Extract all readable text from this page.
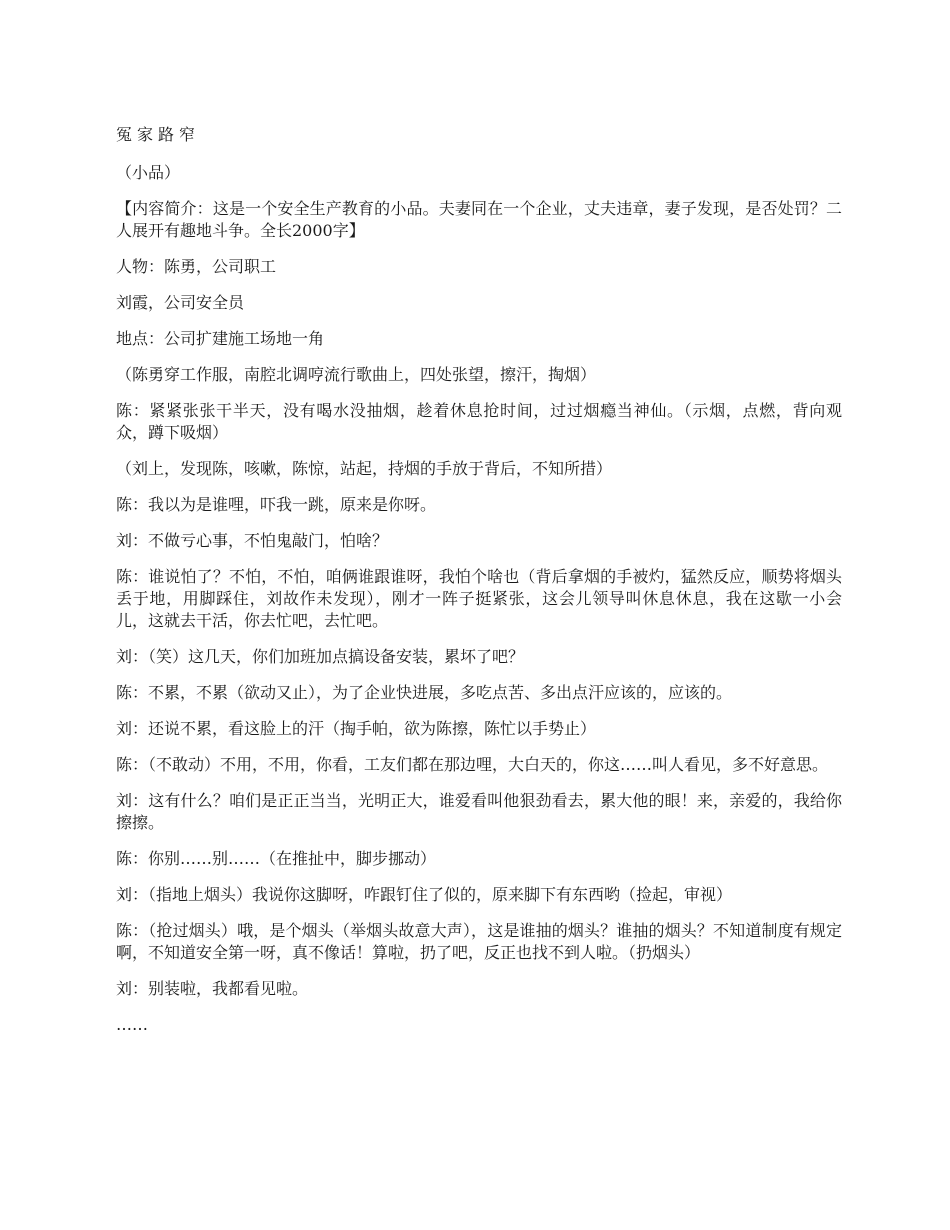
冤家路窄

（小品）

【内容简介：这是一个安全生产教育的小品。夫妻同在一个企业，丈夫违章，妻子发现，是否处罚？二人展开有趣地斗争。全长2000字】

人物：陈勇，公司职工

刘霞，公司安全员

地点：公司扩建施工场地一角

（陈勇穿工作服，南腔北调哼流行歌曲上，四处张望，擦汗，掏烟）

陈：紧紧张张干半天，没有喝水没抽烟，趁着休息抢时间，过过烟瘾当神仙。（示烟，点燃，背向观众，蹲下吸烟）

（刘上，发现陈，咳嗽，陈惊，站起，持烟的手放于背后，不知所措）

陈：我以为是谁哩，吓我一跳，原来是你呀。

刘：不做亏心事，不怕鬼敲门，怕啥？

陈：谁说怕了？不怕，不怕，咱俩谁跟谁呀，我怕个啥也（背后拿烟的手被灼，猛然反应，顺势将烟头丢于地，用脚踩住，刘故作未发现），刚才一阵子挺紧张，这会儿领导叫休息休息，我在这歇一小会儿，这就去干活，你去忙吧，去忙吧。

刘：（笑）这几天，你们加班加点搞设备安装，累坏了吧？

陈：不累，不累（欲动又止），为了企业快进展，多吃点苦、多出点汗应该的，应该的。

刘：还说不累，看这脸上的汗（掏手帕，欲为陈擦，陈忙以手势止）

陈：（不敢动）不用，不用，你看，工友们都在那边哩，大白天的，你这……叫人看见，多不好意思。

刘：这有什么？咱们是正正当当，光明正大，谁爱看叫他狠劲看去，累大他的眼！来，亲爱的，我给你擦擦。

陈：你别……别……（在推扯中，脚步挪动）

刘：（指地上烟头）我说你这脚呀，咋跟钉住了似的，原来脚下有东西哟（捡起，审视）

陈：（抢过烟头）哦，是个烟头（举烟头故意大声），这是谁抽的烟头？谁抽的烟头？不知道制度有规定啊，不知道安全第一呀，真不像话！算啦，扔了吧，反正也找不到人啦。（扔烟头）

刘：别装啦，我都看见啦。

……
